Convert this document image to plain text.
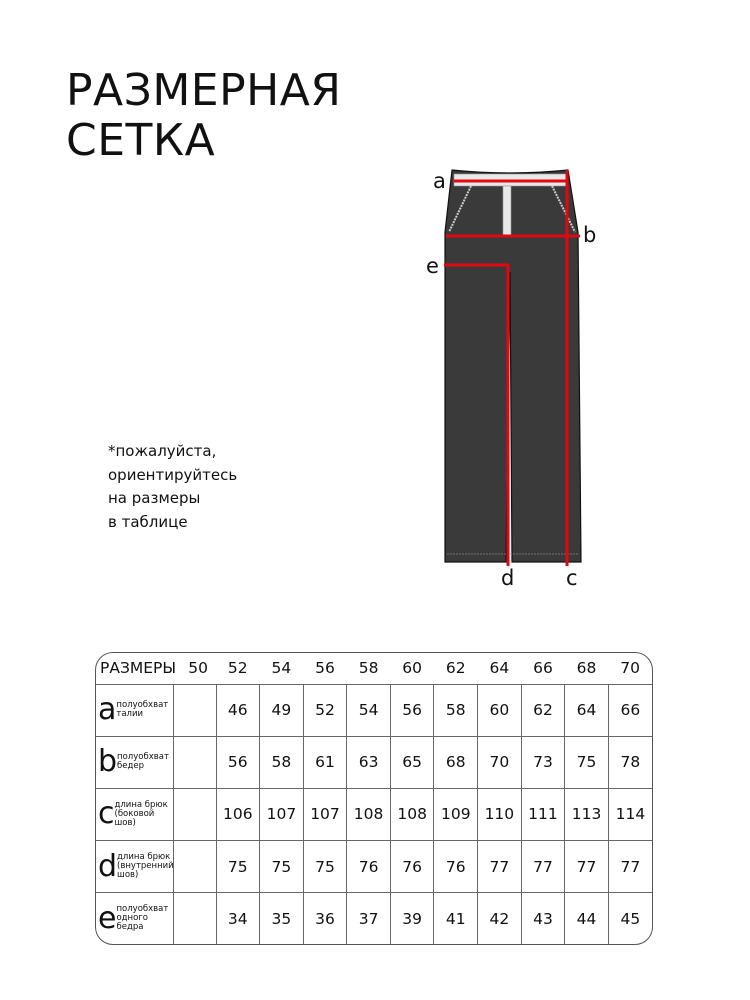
РАЗМЕРНАЯ
СЕТКА
*пожалуйста,
ориентируйтесь
на размеры
в таблице
a
b
e
d c
РАЗМЕРЫ	50	52	54	56	58	60	62	64	66	68	70
a полуобхват
талии		46	49	52	54	56	58	60	62	64	66
b полуобхват
бедер		56	58	61	63	65	68	70	73	75	78
c длина брюк
(боковой
шов)		106	107	107	108	108	109	110	111	113	114
d длина брюк
(внутренний
шов)		75	75	75	76	76	76	77	77	77	77
e полуобхват
одного
бедра		34	35	36	37	39	41	42	43	44	45
